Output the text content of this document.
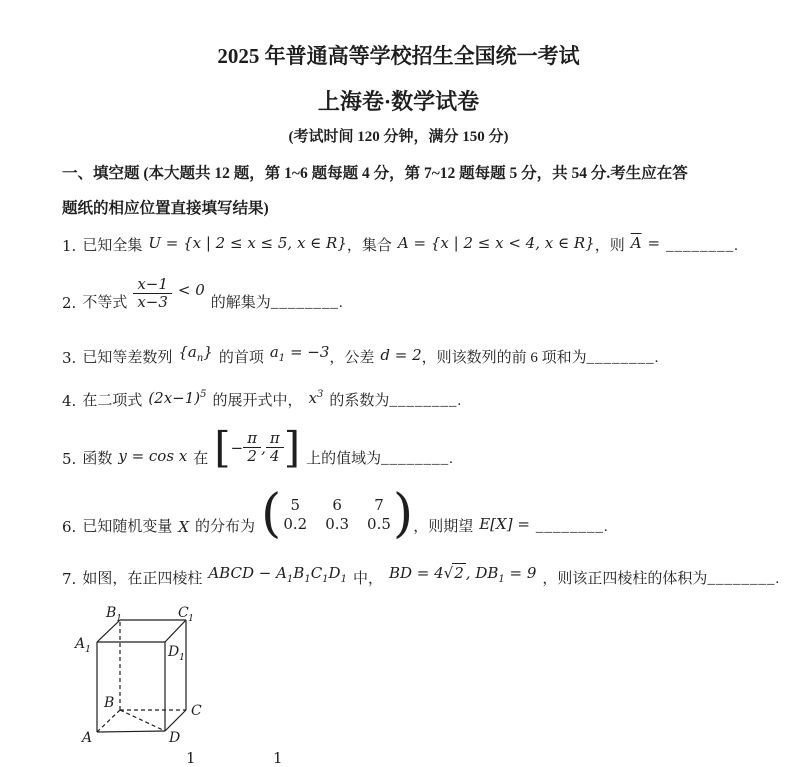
2025 年普通高等学校招生全国统一考试
上海卷·数学试卷
(考试时间 120 分钟，满分 150 分)
一、填空题 (本大题共 12 题，第 1~6 题每题 4 分，第 7~12 题每题 5 分，共 54 分.考生应在答
题纸的相应位置直接填写结果)
1. 已知全集 U = {x | 2 ≤ x ≤ 5, x ∈ R} ，集合 A = {x | 2 ≤ x < 4, x ∈ R} ，则 $\overline{A}$ = ________ .
2. 不等式 $\frac{x-1}{x-3} < 0$
的解集为 ________ .
3. 已知等差数列 $\{a_n\}$ 的首项 $a_1 = -3$ ，公差 d = 2 ，则该数列的前 6 项和为 ________ .
4. 在二项式 $(2x-1)^5$ 的展开式中， $x^3$ 的系数为 ________ .
5. 函数 y = cos x 在 [ − $\frac{\pi}{2}$ , $\frac{\pi}{4}$ ] 上的值域为 ________ .
6. 已知随机变量 X 的分布为 ( 5	6	7
0.2 0.3 0.5 ) ，则期望 E[X] = ________ .
7. 如图，在正四棱柱 ABCD − $A_1B_1C_1D_1$ 中， BD = 4√2 , $DB_1 = 9$ ，则该正四棱柱的体积为 ________ .
B 1	C 1
A 1	D 1
B	C
A	D
1	1
